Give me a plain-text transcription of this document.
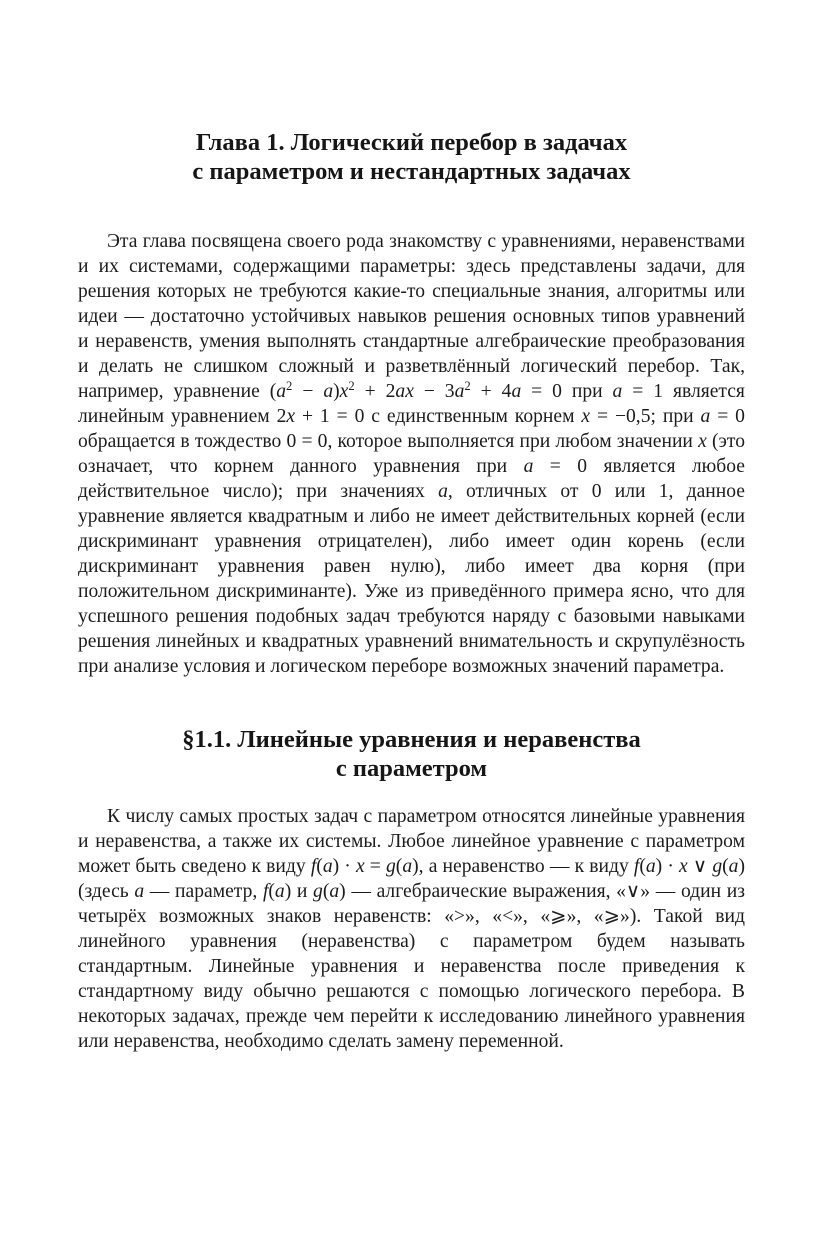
Глава 1. Логический перебор в задачах
с параметром и нестандартных задачах

Эта глава посвящена своего рода знакомству с уравнениями, неравенствами и их системами, содержащими параметры: здесь представлены задачи, для решения которых не требуются какие-то специальные знания, алгоритмы или идеи — достаточно устойчивых навыков решения основных типов уравнений и неравенств, умения выполнять стандартные алгебраические преобразования и делать не слишком сложный и разветвлённый логический перебор. Так, например, уравнение $(a^2 - a)x^2 + 2ax - 3a^2 + 4a = 0$ при a = 1 является линейным уравнением 2x + 1 = 0 с единственным корнем x = −0,5; при a = 0 обращается в тождество 0 = 0, которое выполняется при любом значении x (это означает, что корнем данного уравнения при a = 0 является любое действительное число); при значениях a, отличных от 0 или 1, данное уравнение является квадратным и либо не имеет действительных корней (если дискриминант уравнения отрицателен), либо имеет один корень (если дискриминант уравнения равен нулю), либо имеет два корня (при положительном дискриминанте). Уже из приведённого примера ясно, что для успешного решения подобных задач требуются наряду с базовыми навыками решения линейных и квадратных уравнений внимательность и скрупулёзность при анализе условия и логическом переборе возможных значений параметра.

§1.1. Линейные уравнения и неравенства
с параметром

К числу самых простых задач с параметром относятся линейные уравнения и неравенства, а также их системы. Любое линейное уравнение с параметром может быть сведено к виду f(a) · x = g(a), а неравенство — к виду f(a) · x ∨ g(a) (здесь a — параметр, f(a) и g(a) — алгебраические выражения, «∨» — один из четырёх возможных знаков неравенств: «>», «<», «⩾», «⩾»). Такой вид линейного уравнения (неравенства) с параметром будем называть стандартным. Линейные уравнения и неравенства после приведения к стандартному виду обычно решаются с помощью логического перебора. В некоторых задачах, прежде чем перейти к исследованию линейного уравнения или неравенства, необходимо сделать замену переменной.
